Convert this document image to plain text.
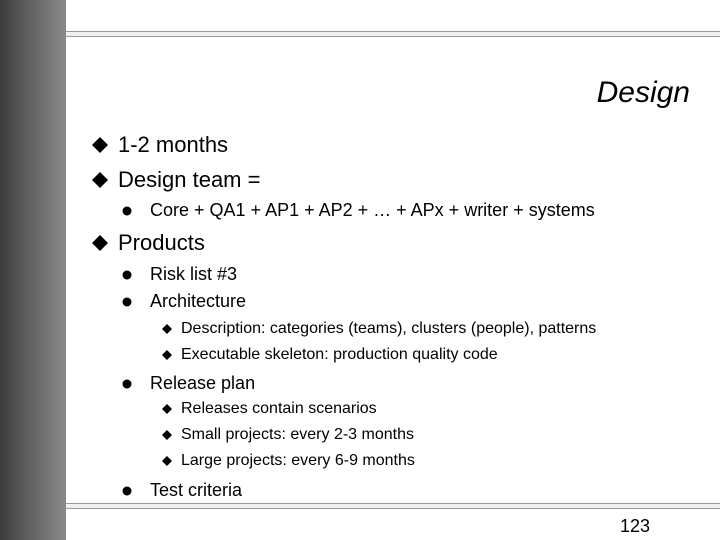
Design
1-2 months
Design team =
Core + QA1 + AP1 + AP2 + … + APx + writer + systems
Products
Risk list #3
Architecture
Description: categories (teams), clusters (people), patterns
Executable skeleton: production quality code
Release plan
Releases contain scenarios
Small projects: every 2-3 months
Large projects: every 6-9 months
Test criteria
123
